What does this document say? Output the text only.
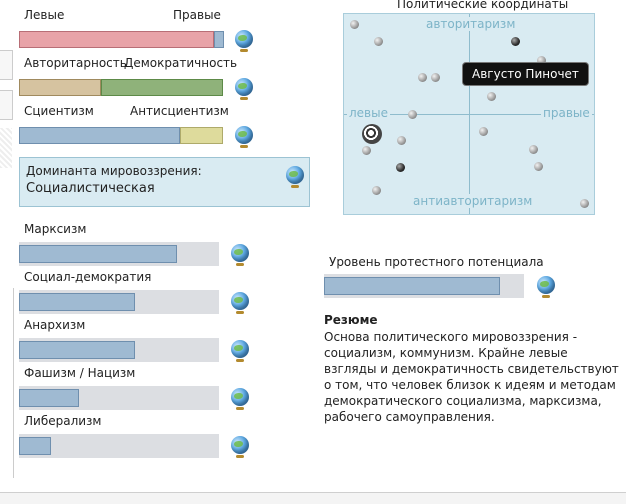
Левые	Правые
Авторитарность
Демократичность
Сциентизм	Антисциентизм
Доминанта мировоззрения:
Социалистическая
Марксизм
Социал-демократия
Анархизм
Фашизм / Нацизм
Либерализм
Политические координаты
авторитаризм
антиавторитаризм
левые	правые
Августо Пиночет
Уровень протестного потенциала
Резюме
Основа политического мировоззрения - социализм, коммунизм. Крайне левые взгляды и демократичность свидетельствуют о том, что человек близок к идеям и методам демократического социализма, марксизма, рабочего самоуправления.
